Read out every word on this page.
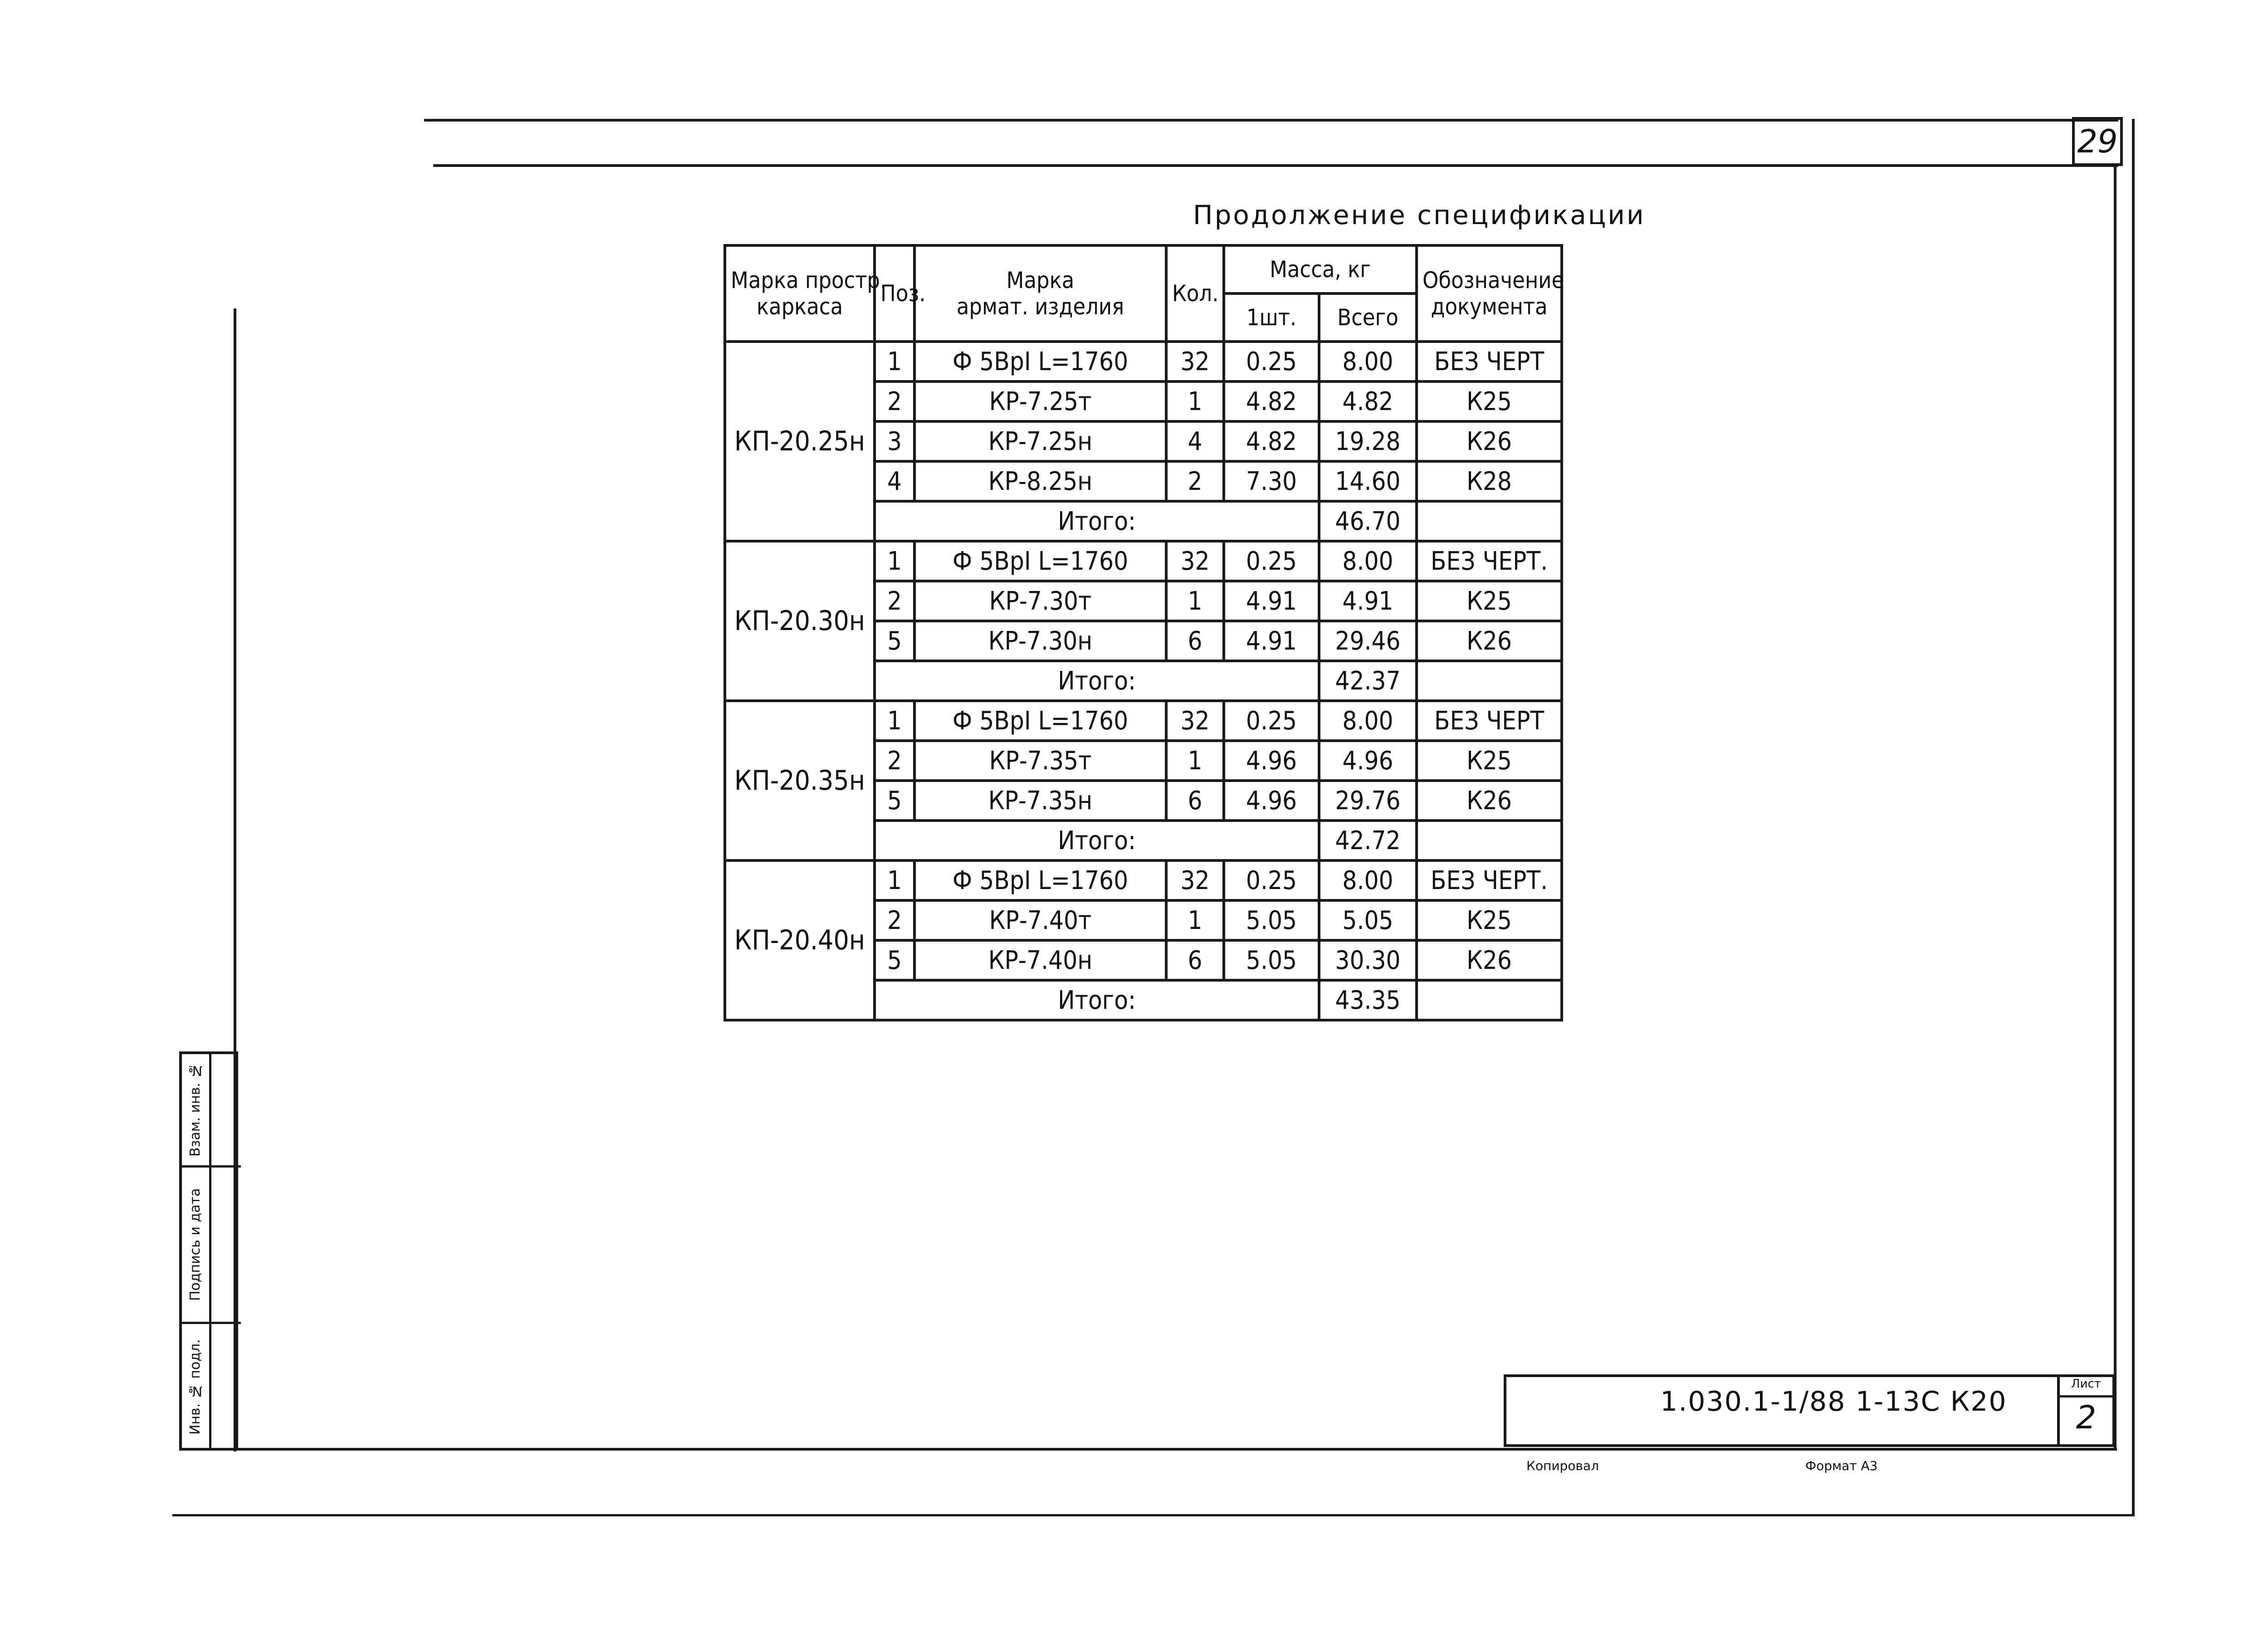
29
Продолжение спецификации
Марка простр.
каркаса	Поз.	Марка
армат. изделия	Кол.	Масса, кг		Обозначение
документа
				1шт.	Всего	
КП-20.25н	1	Ф 5ВрI L=1760	32	0.25	8.00	БЕЗ ЧЕРТ
	2	КР-7.25т	1	4.82	4.82	К25
	3	КР-7.25н	4	4.82	19.28	К26
	4	КР-8.25н	2	7.30	14.60	К28
	Итого:				46.70	
КП-20.30н	1	Ф 5ВрI L=1760	32	0.25	8.00	БЕЗ ЧЕРТ.
	2	КР-7.30т	1	4.91	4.91	К25
	5	КР-7.30н	6	4.91	29.46	К26
	Итого:				42.37	
КП-20.35н	1	Ф 5ВрI L=1760	32	0.25	8.00	БЕЗ ЧЕРТ
	2	КР-7.35т	1	4.96	4.96	К25
	5	КР-7.35н	6	4.96	29.76	К26
	Итого:				42.72	
КП-20.40н	1	Ф 5ВрI L=1760	32	0.25	8.00	БЕЗ ЧЕРТ.
	2	КР-7.40т	1	5.05	5.05	К25
	5	КР-7.40н	6	5.05	30.30	К26
	Итого:				43.35	
Инв. № подл.
Подпись и дата
Взам. инв. №
1.030.1-1/88 1-13С К20
Лист
2
Копировал	Формат А3
